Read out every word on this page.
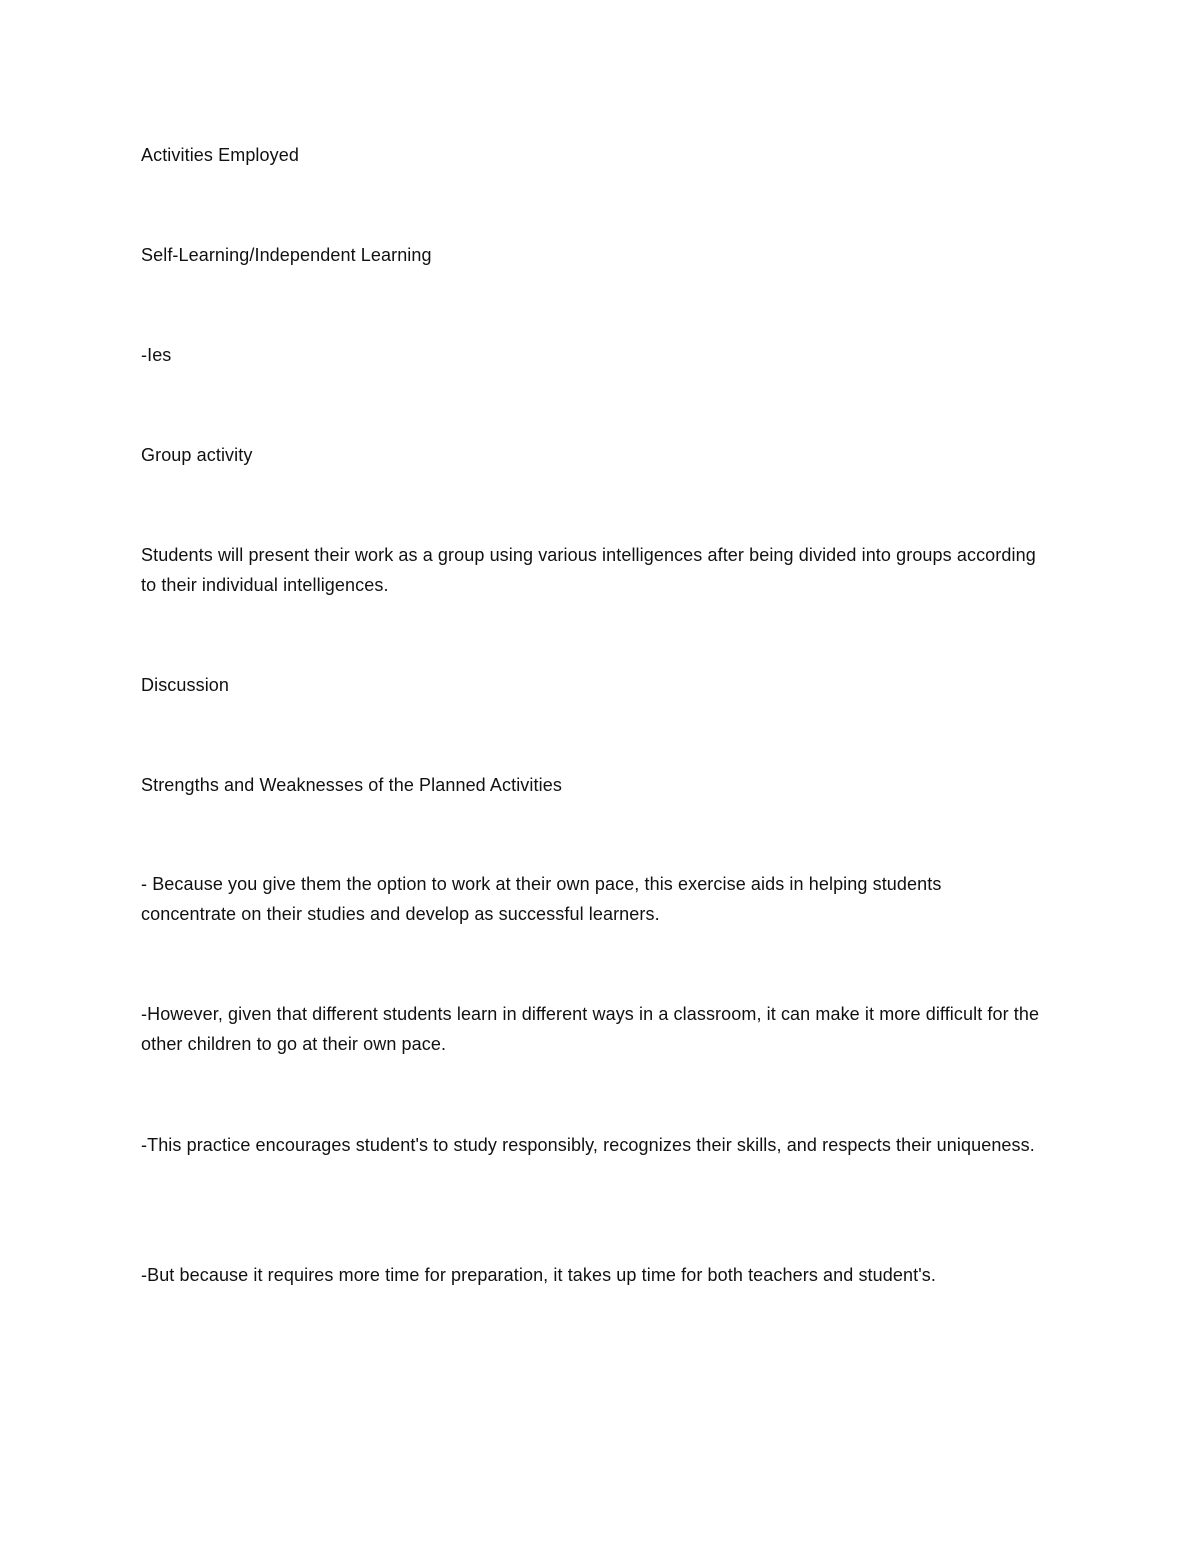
Activities Employed

Self-Learning/Independent Learning

-Ies

Group activity

Students will present their work as a group using various intelligences after being divided into groups according to their individual intelligences.

Discussion

Strengths and Weaknesses of the Planned Activities

- Because you give them the option to work at their own pace, this exercise aids in helping students concentrate on their studies and develop as successful learners.

-However, given that different students learn in different ways in a classroom, it can make it more difficult for the other children to go at their own pace.

-This practice encourages student's to study responsibly, recognizes their skills, and respects their uniqueness.

-But because it requires more time for preparation, it takes up time for both teachers and student's.
